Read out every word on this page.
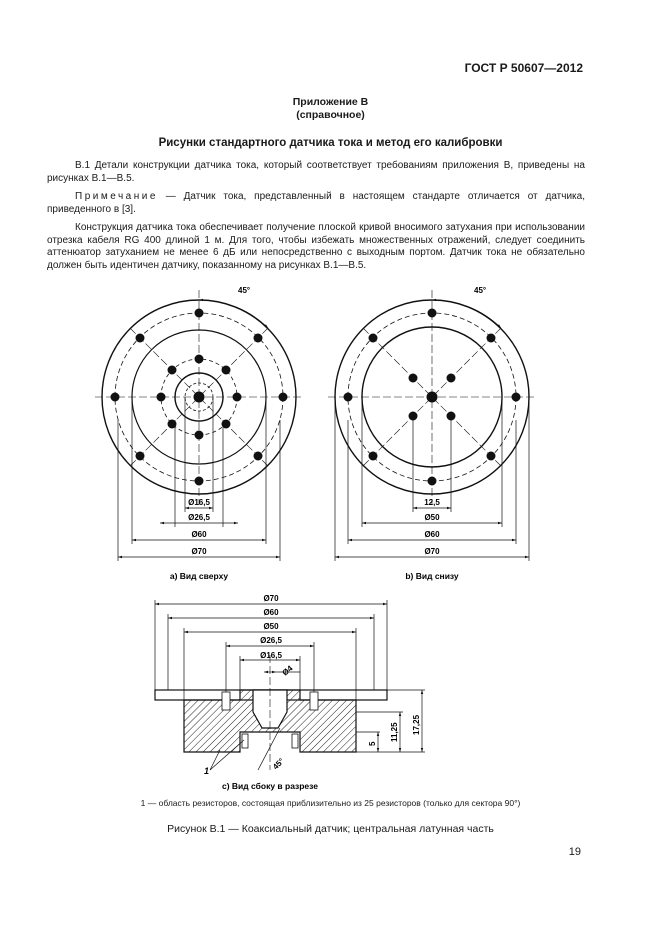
ГОСТ Р 50607—2012
Приложение В
(справочное)
Рисунки стандартного датчика тока и метод его калибровки
В.1 Детали конструкции датчика тока, который соответствует требованиям приложения В, приведены на рисунках В.1—В.5.
Примечание — Датчик тока, представленный в настоящем стандарте отличается от датчика, приведенного в [3].
Конструкция датчика тока обеспечивает получение плоской кривой вносимого затухания при использовании отрезка кабеля RG 400 длиной 1 м. Для того, чтобы избежать множественных отражений, следует соединить аттенюатор затуханием не менее 6 дБ или непосредственно с выходным портом. Датчик тока не обязательно должен быть идентичен датчику, показанному на рисунках В.1—В.5.
45°
Ø16,5
Ø26,5
Ø60
Ø70
а) Вид сверху
45°
12,5
Ø50
Ø60
Ø70
b) Вид снизу
Ø70
Ø60
Ø50
Ø26,5
Ø16,5
Ø4
5
11,25 17,25
45°
1
с) Вид сбоку в разрезе
1 — область резисторов, состоящая приблизительно из 25 резисторов (только для сектора 90°)
Рисунок В.1 — Коаксиальный датчик; центральная латунная часть
19
